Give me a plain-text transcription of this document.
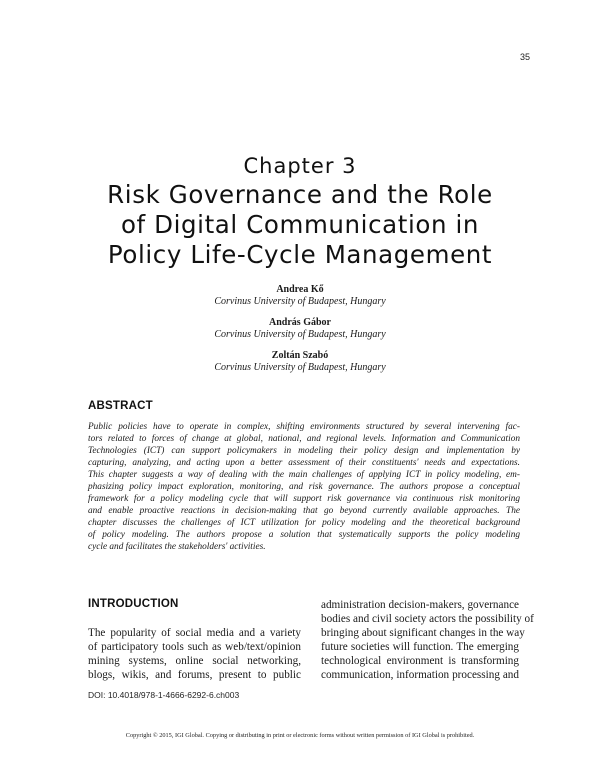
35
Chapter 3
Risk Governance and the Role
of Digital Communication in
Policy Life-Cycle Management
Andrea Kő
Corvinus University of Budapest, Hungary
András Gábor
Corvinus University of Budapest, Hungary
Zoltán Szabó
Corvinus University of Budapest, Hungary
ABSTRACT
Public policies have to operate in complex, shifting environments structured by several intervening fac-
tors related to forces of change at global, national, and regional levels. Information and Communication
Technologies (ICT) can support policymakers in modeling their policy design and implementation by
capturing, analyzing, and acting upon a better assessment of their constituents' needs and expectations.
This chapter suggests a way of dealing with the main challenges of applying ICT in policy modeling, em-
phasizing policy impact exploration, monitoring, and risk governance. The authors propose a conceptual
framework for a policy modeling cycle that will support risk governance via continuous risk monitoring
and enable proactive reactions in decision-making that go beyond currently available approaches. The
chapter discusses the challenges of ICT utilization for policy modeling and the theoretical background
of policy modeling. The authors propose a solution that systematically supports the policy modeling
cycle and facilitates the stakeholders' activities.
INTRODUCTION
The popularity of social media and a variety
of participatory tools such as web/text/opinion
mining systems, online social networking,
blogs, wikis, and forums, present to public
administration decision-makers, governance
bodies and civil society actors the possibility of
bringing about significant changes in the way
future societies will function. The emerging
technological environment is transforming
communication, information processing and
DOI: 10.4018/978-1-4666-6292-6.ch003
Copyright © 2015, IGI Global. Copying or distributing in print or electronic forms without written permission of IGI Global is prohibited.
